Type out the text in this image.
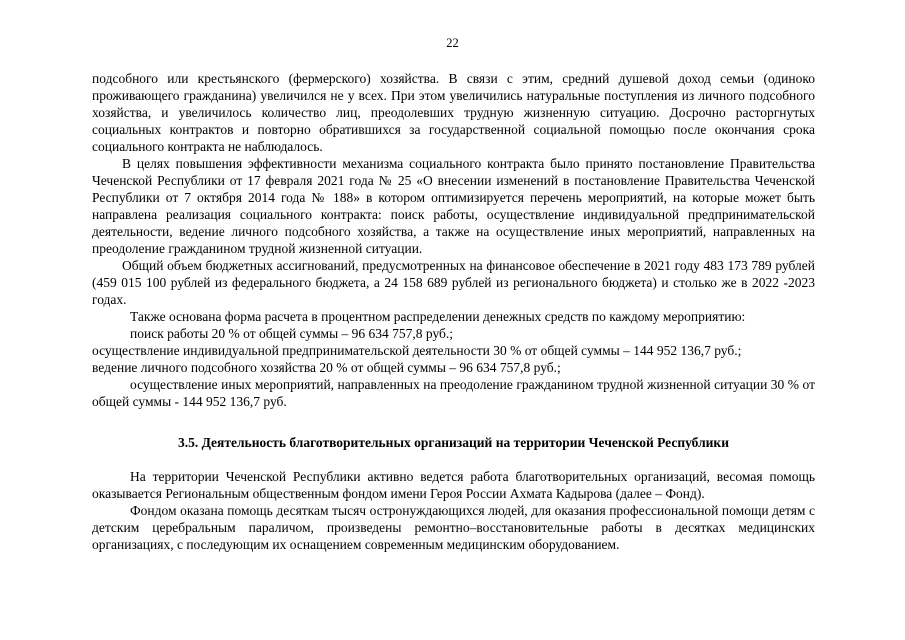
22

подсобного или крестьянского (фермерского) хозяйства. В связи с этим, средний душевой доход семьи (одиноко проживающего гражданина) увеличился не у всех. При этом увеличились натуральные поступления из личного подсобного хозяйства, и увеличилось количество лиц, преодолевших трудную жизненную ситуацию. Досрочно расторгнутых социальных контрактов и повторно обратившихся за государственной социальной помощью после окончания срока социального контракта не наблюдалось.

В целях повышения эффективности механизма социального контракта было принято постановление Правительства Чеченской Республики от 17 февраля 2021 года № 25 «О внесении изменений в постановление Правительства Чеченской Республики от 7 октября 2014 года № 188» в котором оптимизируется перечень мероприятий, на которые может быть направлена реализация социального контракта: поиск работы, осуществление индивидуальной предпринимательской деятельности, ведение личного подсобного хозяйства, а также на осуществление иных мероприятий, направленных на преодоление гражданином трудной жизненной ситуации.

Общий объем бюджетных ассигнований, предусмотренных на финансовое обеспечение в 2021 году 483 173 789 рублей (459 015 100 рублей из федерального бюджета, а 24 158 689 рублей из регионального бюджета) и столько же в 2022 -2023 годах.

Также основана форма расчета в процентном распределении денежных средств по каждому мероприятию:

поиск работы 20 % от общей суммы – 96 634 757,8 руб.;

осуществление индивидуальной предпринимательской деятельности 30 % от общей суммы – 144 952 136,7 руб.;

ведение личного подсобного хозяйства 20 % от общей суммы – 96 634 757,8 руб.;

осуществление иных мероприятий, направленных на преодоление гражданином трудной жизненной ситуации 30 % от общей суммы - 144 952 136,7 руб.

3.5. Деятельность благотворительных организаций на территории Чеченской Республики

На территории Чеченской Республики активно ведется работа благотворительных организаций, весомая помощь оказывается Региональным общественным фондом имени Героя России Ахмата Кадырова (далее – Фонд).

Фондом оказана помощь десяткам тысяч остронуждающихся людей, для оказания профессиональной помощи детям с детским церебральным параличом, произведены ремонтно–восстановительные работы в десятках медицинских организациях, с последующим их оснащением современным медицинским оборудованием.
